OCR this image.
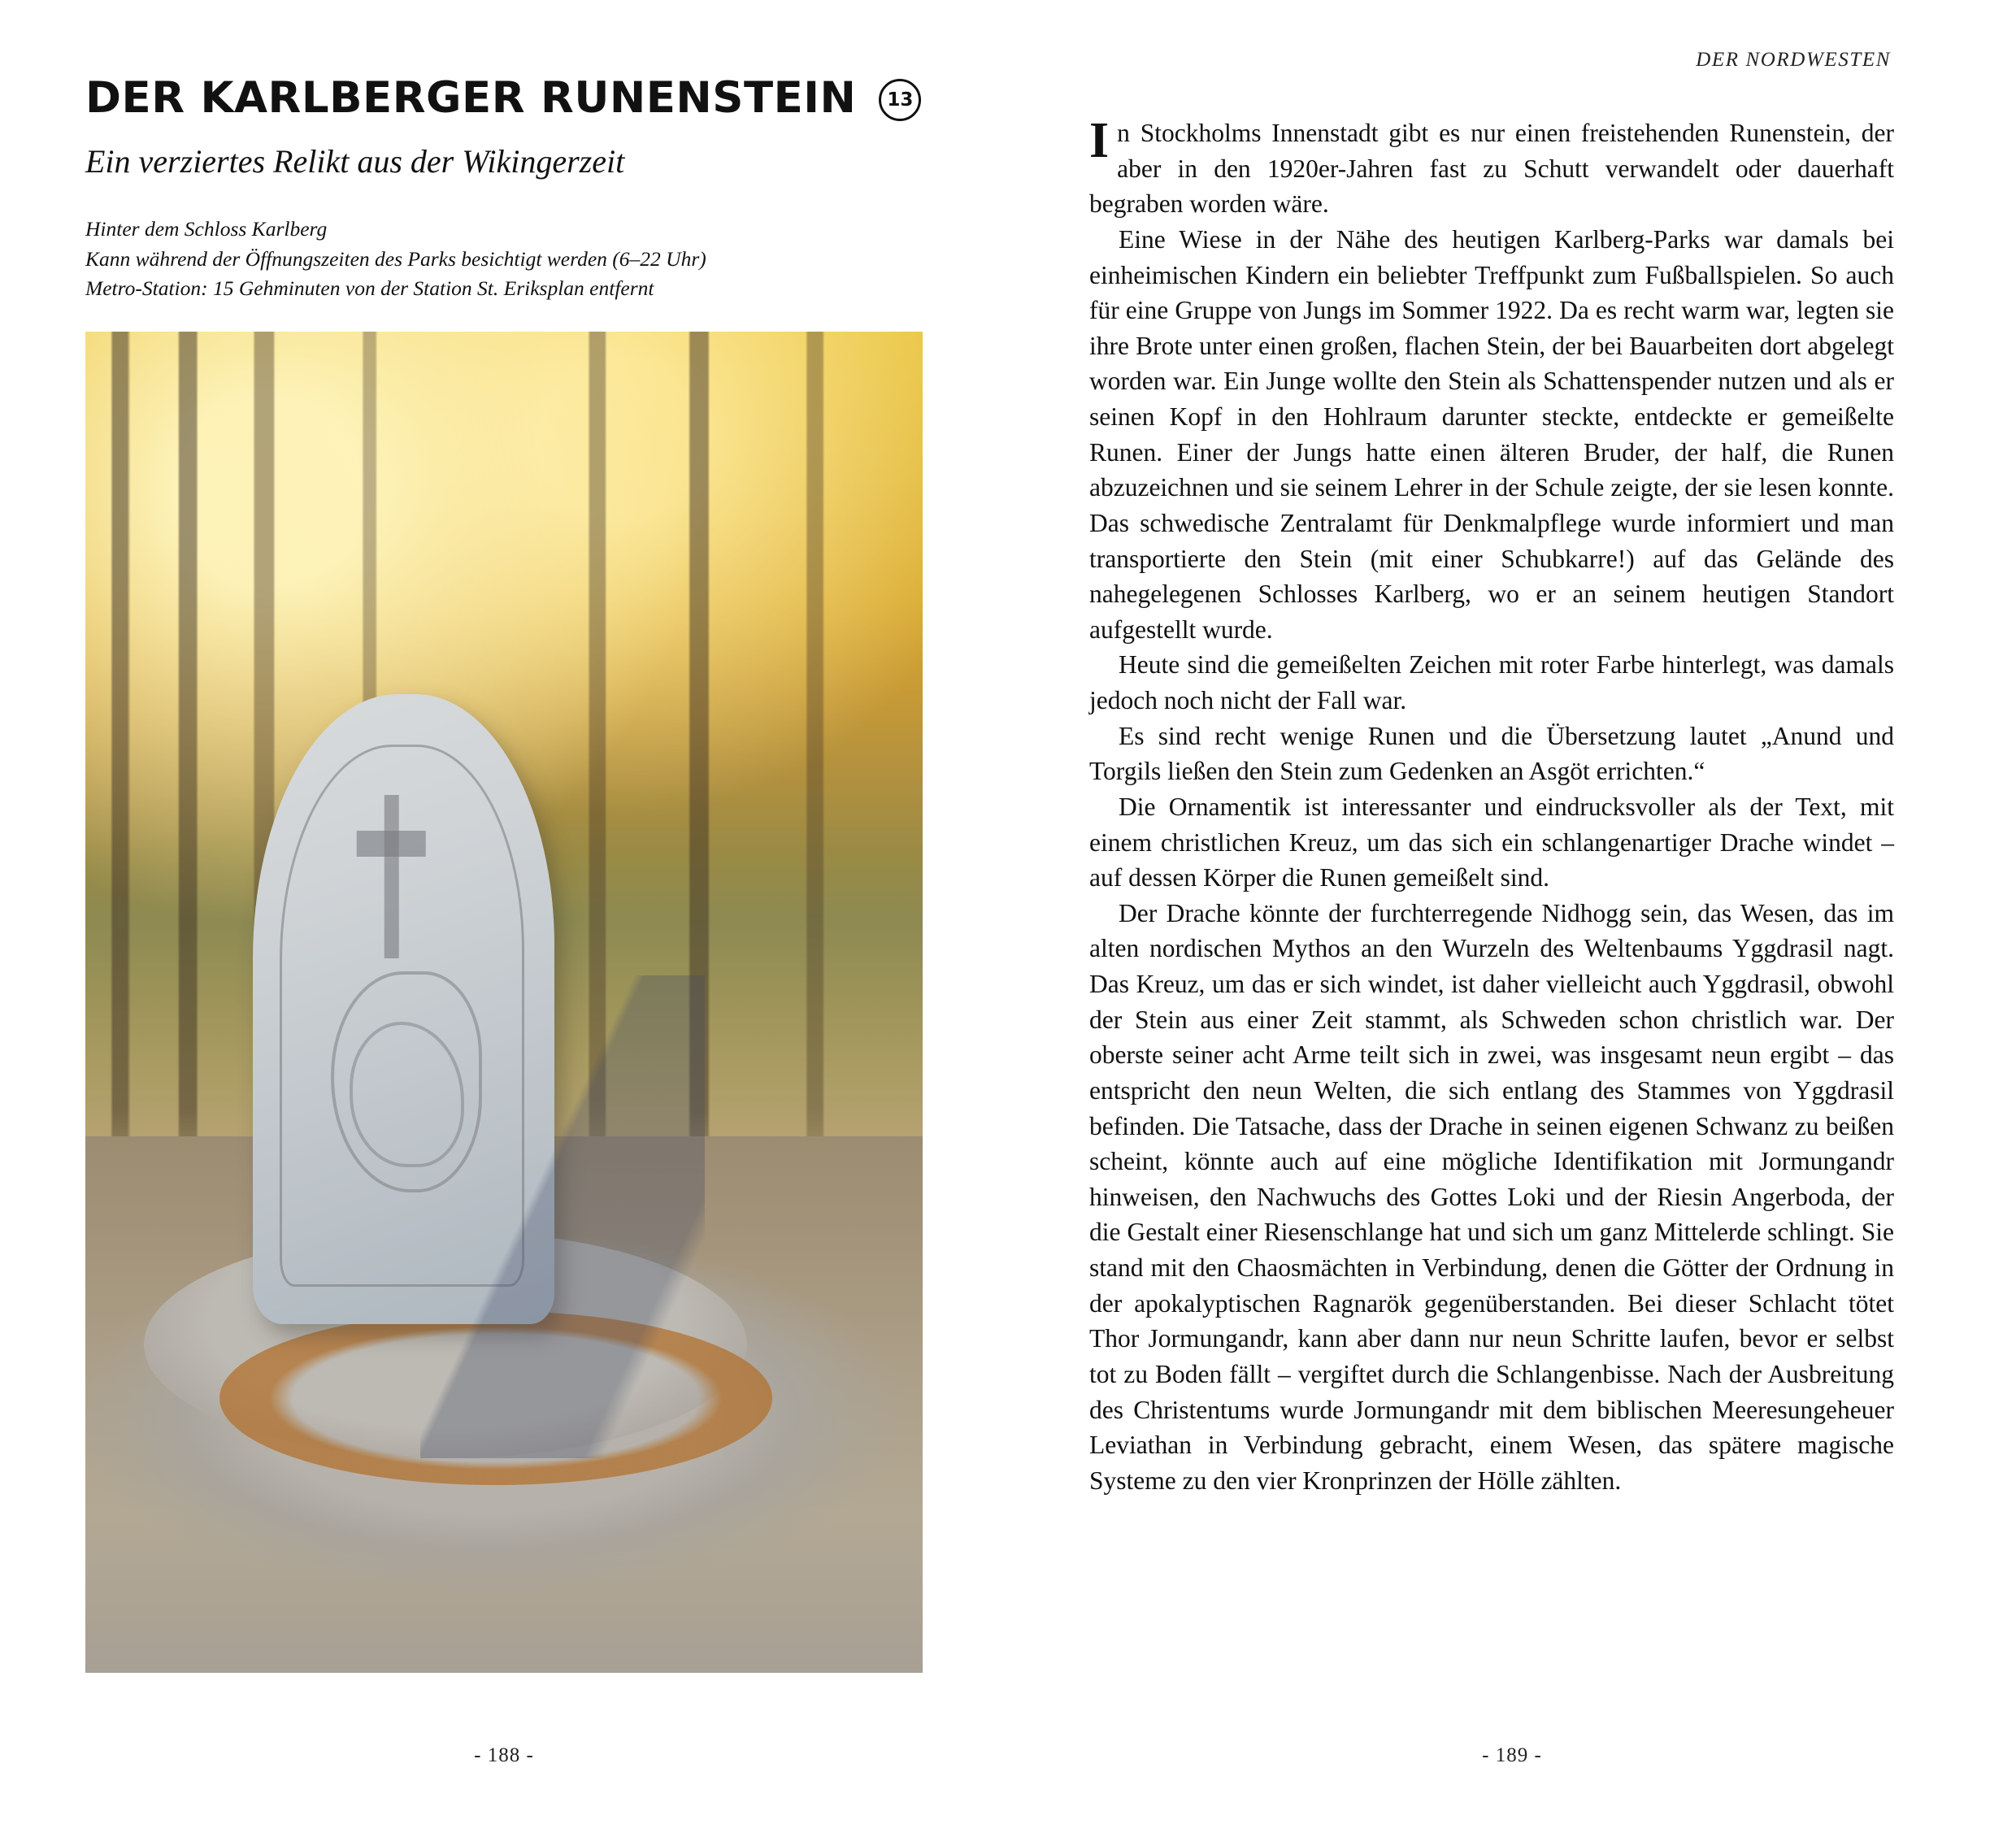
DER KARLBERGER RUNENSTEIN	13
Ein verziertes Relikt aus der Wikingerzeit
Hinter dem Schloss Karlberg
Kann während der Öffnungszeiten des Parks besichtigt werden (6–22 Uhr)
Metro-Station: 15 Gehminuten von der Station St. Eriksplan entfernt
- 188 -
DER NORDWESTEN

In Stockholms Innenstadt gibt es nur einen freistehenden Runenstein, der aber in den 1920er-Jahren fast zu Schutt verwandelt oder dauerhaft begraben worden wäre.

Eine Wiese in der Nähe des heutigen Karlberg-Parks war damals bei einheimischen Kindern ein beliebter Treffpunkt zum Fußballspielen. So auch für eine Gruppe von Jungs im Sommer 1922. Da es recht warm war, legten sie ihre Brote unter einen großen, flachen Stein, der bei Bauarbeiten dort abgelegt worden war. Ein Junge wollte den Stein als Schattenspender nutzen und als er seinen Kopf in den Hohlraum darunter steckte, entdeckte er gemeißelte Runen. Einer der Jungs hatte einen älteren Bruder, der half, die Runen abzuzeichnen und sie seinem Lehrer in der Schule zeigte, der sie lesen konnte. Das schwedische Zentralamt für Denkmalpflege wurde informiert und man transportierte den Stein (mit einer Schubkarre!) auf das Gelände des nahegelegenen Schlosses Karlberg, wo er an seinem heutigen Standort aufgestellt wurde.

Heute sind die gemeißelten Zeichen mit roter Farbe hinterlegt, was damals jedoch noch nicht der Fall war.

Es sind recht wenige Runen und die Übersetzung lautet „Anund und Torgils ließen den Stein zum Gedenken an Asgöt errichten.“

Die Ornamentik ist interessanter und eindrucksvoller als der Text, mit einem christlichen Kreuz, um das sich ein schlangenartiger Drache windet – auf dessen Körper die Runen gemeißelt sind.

Der Drache könnte der furchterregende Nidhogg sein, das Wesen, das im alten nordischen Mythos an den Wurzeln des Weltenbaums Yggdrasil nagt. Das Kreuz, um das er sich windet, ist daher vielleicht auch Yggdrasil, obwohl der Stein aus einer Zeit stammt, als Schweden schon christlich war. Der oberste seiner acht Arme teilt sich in zwei, was insgesamt neun ergibt – das entspricht den neun Welten, die sich entlang des Stammes von Yggdrasil befinden. Die Tatsache, dass der Drache in seinen eigenen Schwanz zu beißen scheint, könnte auch auf eine mögliche Identifikation mit Jormungandr hinweisen, den Nachwuchs des Gottes Loki und der Riesin Angerboda, der die Gestalt einer Riesenschlange hat und sich um ganz Mittelerde schlingt. Sie stand mit den Chaosmächten in Verbindung, denen die Götter der Ordnung in der apokalyptischen Ragnarök gegenüberstanden. Bei dieser Schlacht tötet Thor Jormungandr, kann aber dann nur neun Schritte laufen, bevor er selbst tot zu Boden fällt – vergiftet durch die Schlangenbisse. Nach der Ausbreitung des Christentums wurde Jormungandr mit dem biblischen Meeresungeheuer Leviathan in Verbindung gebracht, einem Wesen, das spätere magische Systeme zu den vier Kronprinzen der Hölle zählten.

- 189 -
